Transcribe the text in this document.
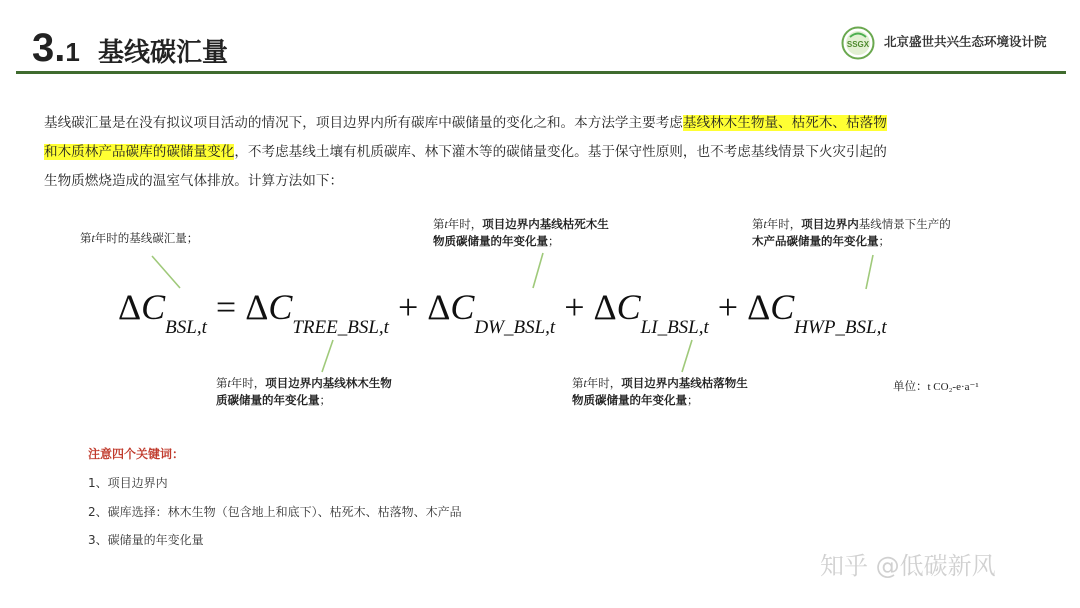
3.1 基线碳汇量	SSGX 北京盛世共兴生态环境设计院

基线碳汇量是在没有拟议项目活动的情况下，项目边界内所有碳库中碳储量的变化之和。本方法学主要考虑基线林木生物量、枯死木、枯落物

和木质林产品碳库的碳储量变化，不考虑基线土壤有机质碳库、林下灌木等的碳储量变化。基于保守性原则，也不考虑基线情景下火灾引起的

生物质燃烧造成的温室气体排放。计算方法如下：

第t年时的基线碳汇量；
第t年时，项目边界内基线枯死木生
物质碳储量的年变化量；
第t年时，项目边界内基线情景下生产的
木产品碳储量的年变化量；
$\Delta C_{BSL,t}= \Delta C_{TREE\_BSL,t}+ \Delta C_{DW\_BSL,t}+ \Delta C_{LI\_BSL,t}+ \Delta C_{HWP\_BSL,t}$
第t年时，项目边界内基线林木生物
质碳储量的年变化量；
第t年时，项目边界内基线枯落物生
物质碳储量的年变化量；
单位：t CO₂-e·a⁻¹
注意四个关键词：
1、项目边界内
2、碳库选择：林木生物（包含地上和底下）、枯死木、枯落物、木产品
3、碳储量的年变化量
知乎 @低碳新风
